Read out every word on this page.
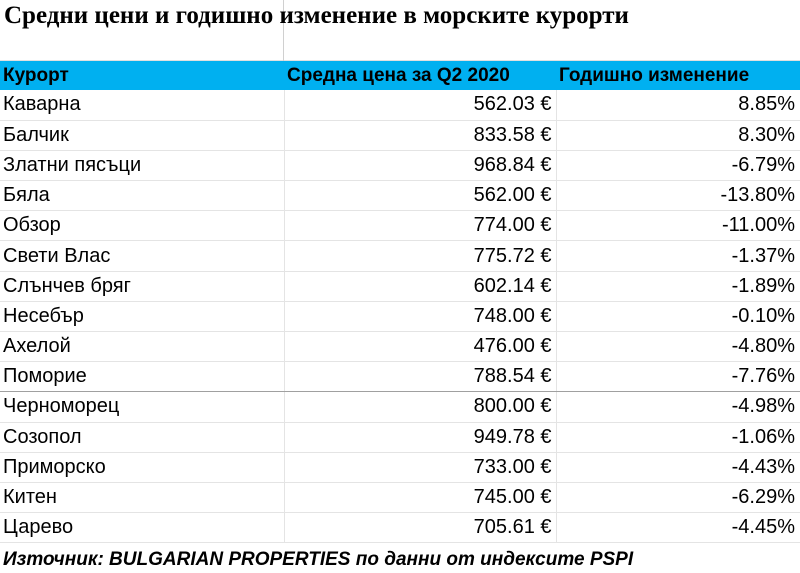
Средни цени и годишно изменение в морските курорти
Курорт	Средна цена за Q2 2020	Годишно изменение
Каварна	562.03 €	8.85%
Балчик	833.58 €	8.30%
Златни пясъци	968.84 €	-6.79%
Бяла	562.00 €	-13.80%
Обзор	774.00 €	-11.00%
Свети Влас	775.72 €	-1.37%
Слънчев бряг	602.14 €	-1.89%
Несебър	748.00 €	-0.10%
Ахелой	476.00 €	-4.80%
Поморие	788.54 €	-7.76%
Черноморец	800.00 €	-4.98%
Созопол	949.78 €	-1.06%
Приморско	733.00 €	-4.43%
Китен	745.00 €	-6.29%
Царево	705.61 €	-4.45%
Източник: BULGARIAN PROPERTIES по данни от индексите PSPI
